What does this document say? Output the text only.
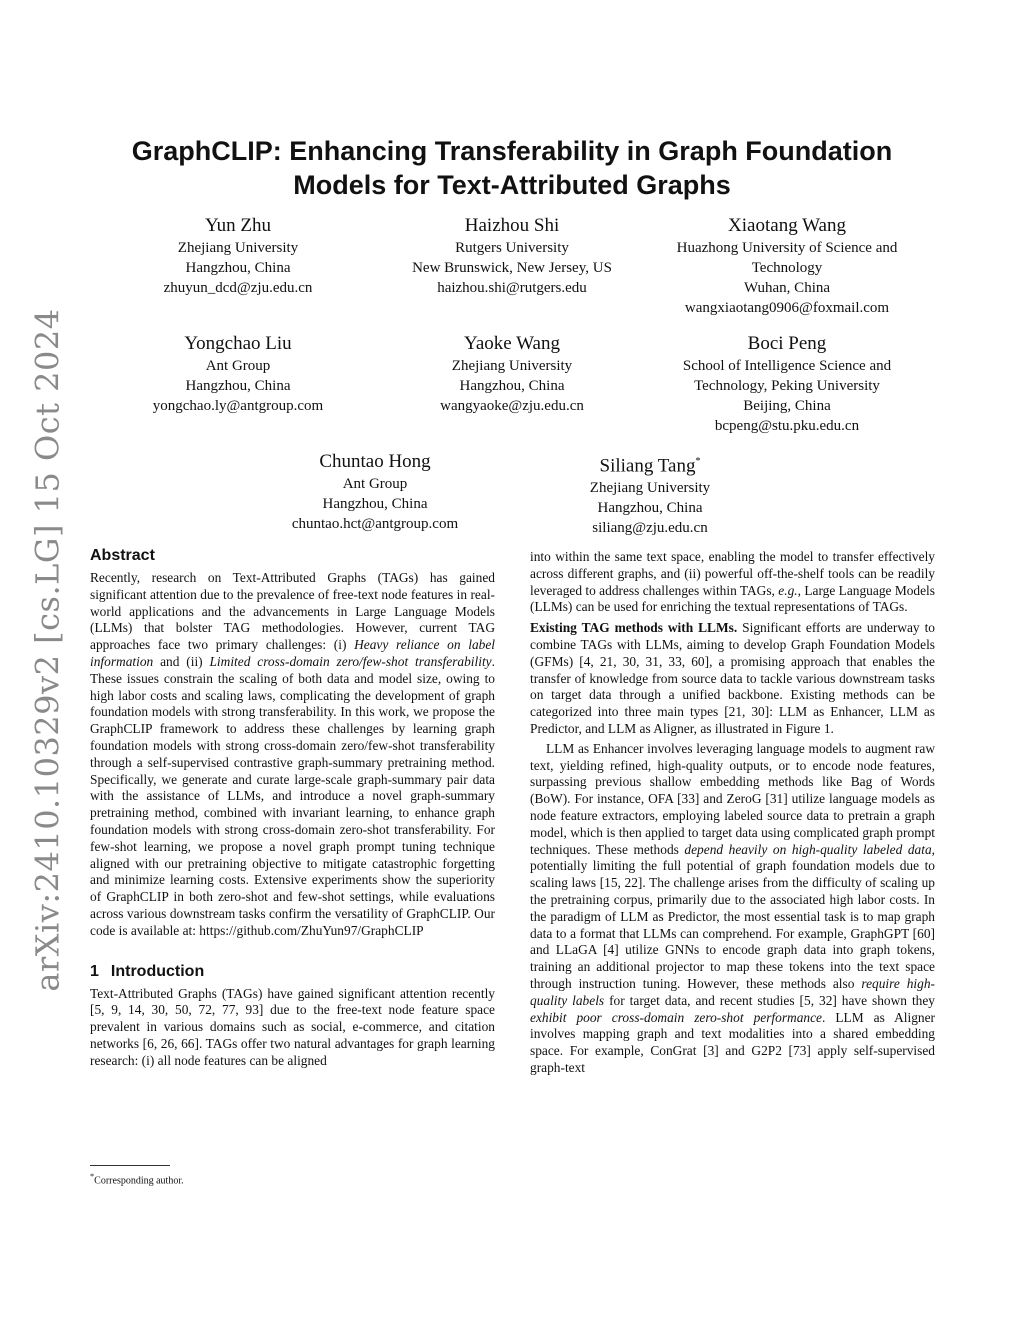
arXiv:2410.10329v2 [cs.LG] 15 Oct 2024
GraphCLIP: Enhancing Transferability in Graph Foundation Models for Text-Attributed Graphs
Yun Zhu
Zhejiang University
Hangzhou, China
zhuyun_dcd@zju.edu.cn
Haizhou Shi
Rutgers University
New Brunswick, New Jersey, US
haizhou.shi@rutgers.edu
Xiaotang Wang
Huazhong University of Science and
Technology
Wuhan, China
wangxiaotang0906@foxmail.com
Yongchao Liu
Ant Group
Hangzhou, China
yongchao.ly@antgroup.com
Yaoke Wang
Zhejiang University
Hangzhou, China
wangyaoke@zju.edu.cn
Boci Peng
School of Intelligence Science and
Technology, Peking University
Beijing, China
bcpeng@stu.pku.edu.cn
Chuntao Hong
Ant Group
Hangzhou, China
chuntao.hct@antgroup.com
Siliang Tang*
Zhejiang University
Hangzhou, China
siliang@zju.edu.cn
Abstract

Recently, research on Text-Attributed Graphs (TAGs) has gained significant attention due to the prevalence of free-text node features in real-world applications and the advancements in Large Language Models (LLMs) that bolster TAG methodologies. However, current TAG approaches face two primary challenges: (i) Heavy reliance on label information and (ii) Limited cross-domain zero/few-shot transferability. These issues constrain the scaling of both data and model size, owing to high labor costs and scaling laws, complicating the development of graph foundation models with strong transferability. In this work, we propose the GraphCLIP framework to address these challenges by learning graph foundation models with strong cross-domain zero/few-shot transferability through a self-supervised contrastive graph-summary pretraining method. Specifically, we generate and curate large-scale graph-summary pair data with the assistance of LLMs, and introduce a novel graph-summary pretraining method, combined with invariant learning, to enhance graph foundation models with strong cross-domain zero-shot transferability. For few-shot learning, we propose a novel graph prompt tuning technique aligned with our pretraining objective to mitigate catastrophic forgetting and minimize learning costs. Extensive experiments show the superiority of GraphCLIP in both zero-shot and few-shot settings, while evaluations across various downstream tasks confirm the versatility of GraphCLIP. Our code is available at: https://github.com/ZhuYun97/GraphCLIP

1 Introduction

Text-Attributed Graphs (TAGs) have gained significant attention recently [5, 9, 14, 30, 50, 72, 77, 93] due to the free-text node feature space prevalent in various domains such as social, e-commerce, and citation networks [6, 26, 66]. TAGs offer two natural advantages for graph learning research: (i) all node features can be aligned

into within the same text space, enabling the model to transfer effectively across different graphs, and (ii) powerful off-the-shelf tools can be readily leveraged to address challenges within TAGs, e.g., Large Language Models (LLMs) can be used for enriching the textual representations of TAGs.

Existing TAG methods with LLMs. Significant efforts are underway to combine TAGs with LLMs, aiming to develop Graph Foundation Models (GFMs) [4, 21, 30, 31, 33, 60], a promising approach that enables the transfer of knowledge from source data to tackle various downstream tasks on target data through a unified backbone. Existing methods can be categorized into three main types [21, 30]: LLM as Enhancer, LLM as Predictor, and LLM as Aligner, as illustrated in Figure 1.

LLM as Enhancer involves leveraging language models to augment raw text, yielding refined, high-quality outputs, or to encode node features, surpassing previous shallow embedding methods like Bag of Words (BoW). For instance, OFA [33] and ZeroG [31] utilize language models as node feature extractors, employing labeled source data to pretrain a graph model, which is then applied to target data using complicated graph prompt techniques. These methods depend heavily on high-quality labeled data, potentially limiting the full potential of graph foundation models due to scaling laws [15, 22]. The challenge arises from the difficulty of scaling up the pretraining corpus, primarily due to the associated high labor costs. In the paradigm of LLM as Predictor, the most essential task is to map graph data to a format that LLMs can comprehend. For example, GraphGPT [60] and LLaGA [4] utilize GNNs to encode graph data into graph tokens, training an additional projector to map these tokens into the text space through instruction tuning. However, these methods also require high-quality labels for target data, and recent studies [5, 32] have shown they exhibit poor cross-domain zero-shot performance. LLM as Aligner involves mapping graph and text modalities into a shared embedding space. For example, ConGrat [3] and G2P2 [73] apply self-supervised graph-text

*Corresponding author.
